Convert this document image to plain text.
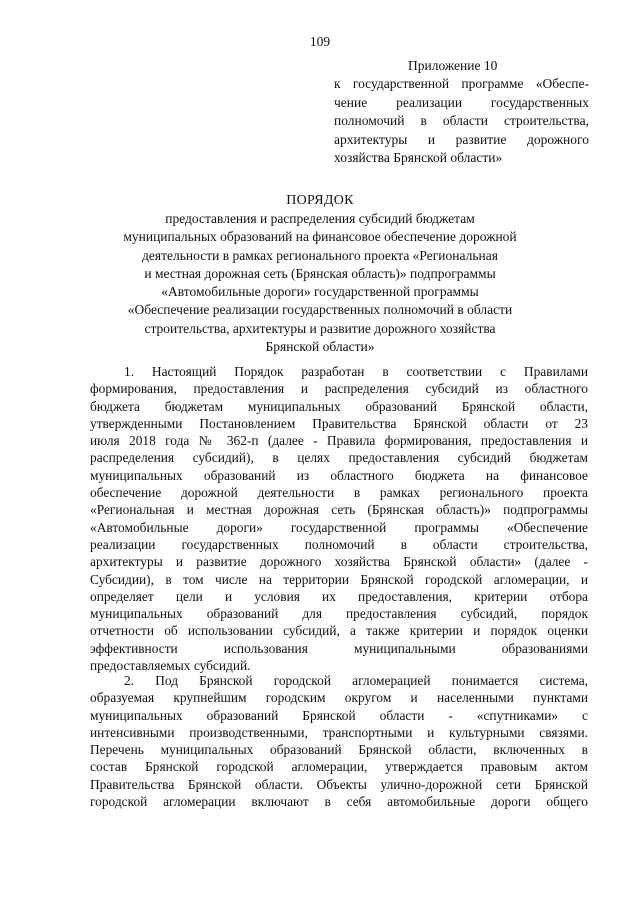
109
Приложение 10
к государственной программе «Обеспе-
чение реализации государственных
полномочий в области строительства,
архитектуры и развитие дорожного
хозяйства Брянской области»
ПОРЯДОК
предоставления и распределения субсидий бюджетам
муниципальных образований на финансовое обеспечение дорожной
деятельности в рамках регионального проекта «Региональная
и местная дорожная сеть (Брянская область)» подпрограммы
«Автомобильные дороги» государственной программы
«Обеспечение реализации государственных полномочий в области
строительства, архитектуры и развитие дорожного хозяйства
Брянской области»
1. Настоящий Порядок разработан в соответствии с Правилами
формирования, предоставления и распределения субсидий из областного
бюджета бюджетам муниципальных образований Брянской области,
утвержденными Постановлением Правительства Брянской области от 23
июля 2018 года № 362-п (далее - Правила формирования, предоставления и
распределения субсидий), в целях предоставления субсидий бюджетам
муниципальных образований из областного бюджета на финансовое
обеспечение дорожной деятельности в рамках регионального проекта
«Региональная и местная дорожная сеть (Брянская область)» подпрограммы
«Автомобильные дороги» государственной программы «Обеспечение
реализации государственных полномочий в области строительства,
архитектуры и развитие дорожного хозяйства Брянской области» (далее -
Субсидии), в том числе на территории Брянской городской агломерации, и
определяет цели и условия их предоставления, критерии отбора
муниципальных образований для предоставления субсидий, порядок
отчетности об использовании субсидий, а также критерии и порядок оценки
эффективности использования муниципальными образованиями
предоставляемых субсидий.
2. Под Брянской городской агломерацией понимается система,
образуемая крупнейшим городским округом и населенными пунктами
муниципальных образований Брянской области - «спутниками» с
интенсивными производственными, транспортными и культурными связями.
Перечень муниципальных образований Брянской области, включенных в
состав Брянской городской агломерации, утверждается правовым актом
Правительства Брянской области. Объекты улично-дорожной сети Брянской
городской агломерации включают в себя автомобильные дороги общего
